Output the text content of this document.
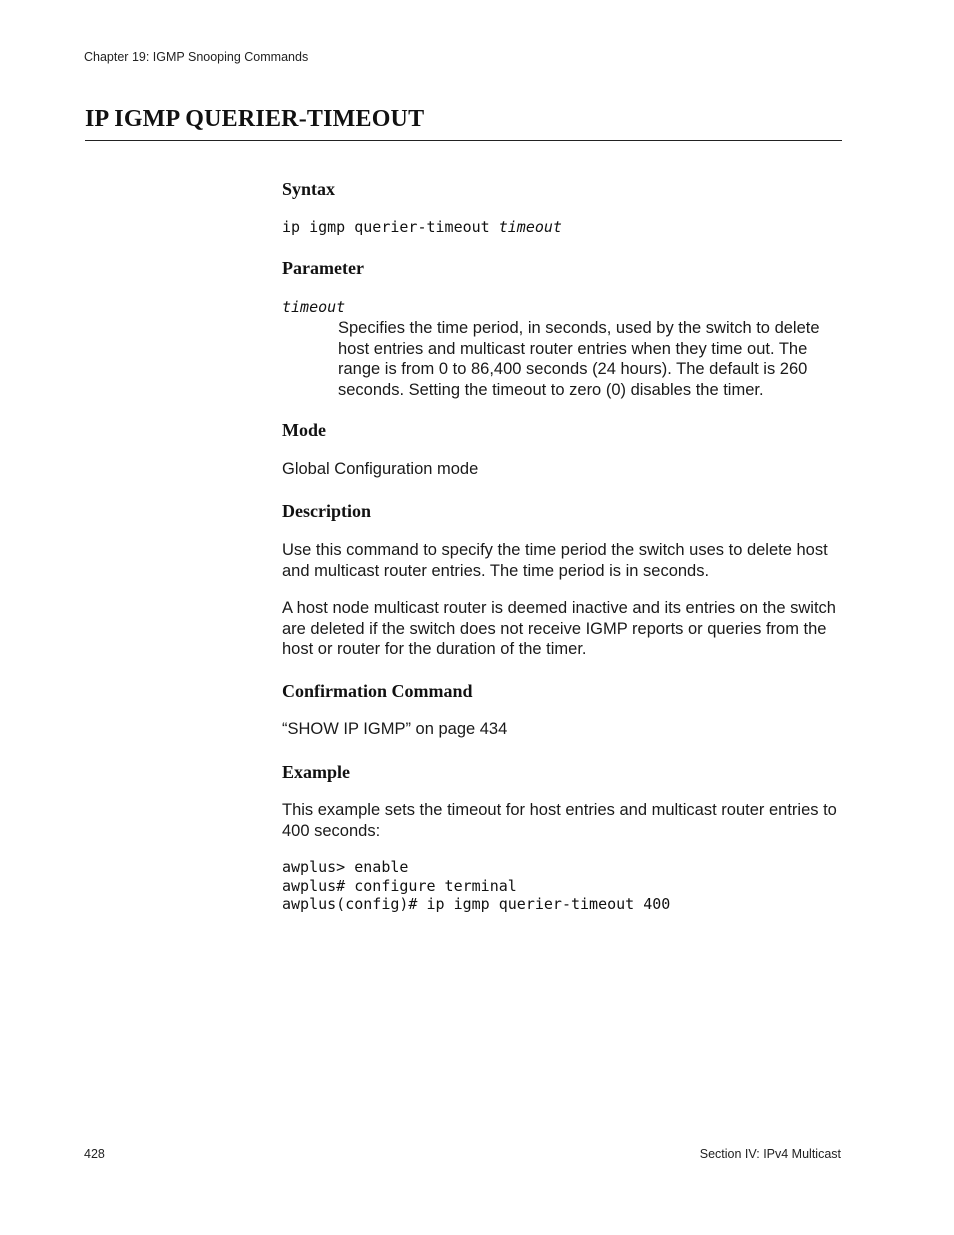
Chapter 19: IGMP Snooping Commands
IP IGMP QUERIER-TIMEOUT
Syntax
ip igmp querier-timeout timeout
Parameter
timeout

Specifies the time period, in seconds, used by the switch to delete host entries and multicast router entries when they time out. The range is from 0 to 86,400 seconds (24 hours). The default is 260 seconds. Setting the timeout to zero (0) disables the timer.

Mode

Global Configuration mode

Description

Use this command to specify the time period the switch uses to delete host and multicast router entries. The time period is in seconds.

A host node multicast router is deemed inactive and its entries on the switch are deleted if the switch does not receive IGMP reports or queries from the host or router for the duration of the timer.

Confirmation Command

“SHOW IP IGMP” on page 434

Example

This example sets the timeout for host entries and multicast router entries to 400 seconds:

awplus> enable
awplus# configure terminal
awplus(config)# ip igmp querier-timeout 400
428	Section IV: IPv4 Multicast
